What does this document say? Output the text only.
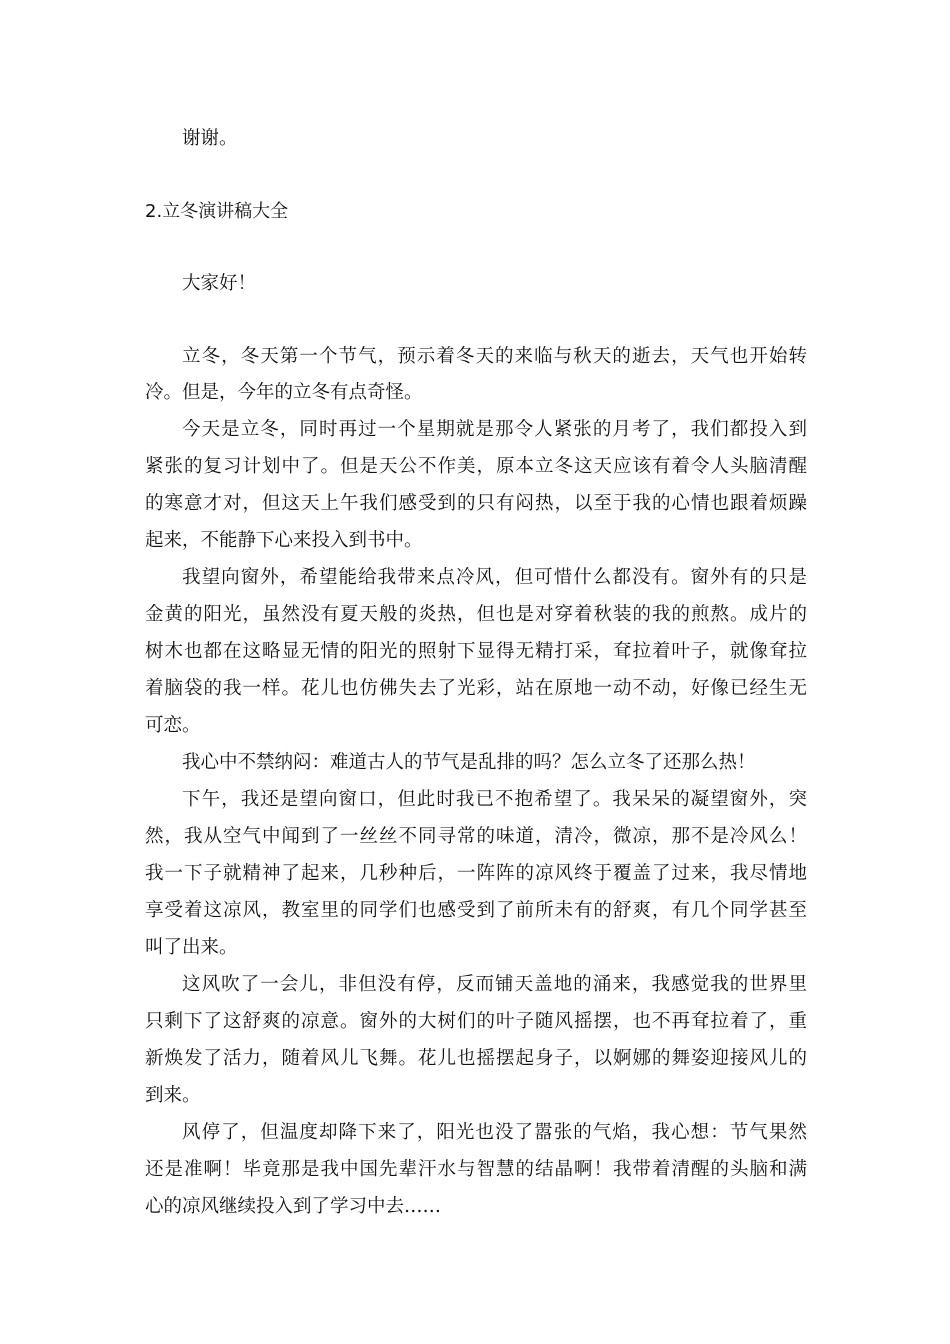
谢谢。
2.立冬演讲稿大全
大家好！
立冬，冬天第一个节气，预示着冬天的来临与秋天的逝去，天气也开始转
冷。但是，今年的立冬有点奇怪。
今天是立冬，同时再过一个星期就是那令人紧张的月考了，我们都投入到
紧张的复习计划中了。但是天公不作美，原本立冬这天应该有着令人头脑清醒
的寒意才对，但这天上午我们感受到的只有闷热，以至于我的心情也跟着烦躁
起来，不能静下心来投入到书中。
我望向窗外，希望能给我带来点冷风，但可惜什么都没有。窗外有的只是
金黄的阳光，虽然没有夏天般的炎热，但也是对穿着秋装的我的煎熬。成片的
树木也都在这略显无情的阳光的照射下显得无精打采，耷拉着叶子，就像耷拉
着脑袋的我一样。花儿也仿佛失去了光彩，站在原地一动不动，好像已经生无
可恋。
我心中不禁纳闷：难道古人的节气是乱排的吗？怎么立冬了还那么热！
下午，我还是望向窗口，但此时我已不抱希望了。我呆呆的凝望窗外，突
然，我从空气中闻到了一丝丝不同寻常的味道，清冷，微凉，那不是冷风么！
我一下子就精神了起来，几秒种后，一阵阵的凉风终于覆盖了过来，我尽情地
享受着这凉风，教室里的同学们也感受到了前所未有的舒爽，有几个同学甚至
叫了出来。
这风吹了一会儿，非但没有停，反而铺天盖地的涌来，我感觉我的世界里
只剩下了这舒爽的凉意。窗外的大树们的叶子随风摇摆，也不再耷拉着了，重
新焕发了活力，随着风儿飞舞。花儿也摇摆起身子，以婀娜的舞姿迎接风儿的
到来。
风停了，但温度却降下来了，阳光也没了嚣张的气焰，我心想：节气果然
还是准啊！毕竟那是我中国先辈汗水与智慧的结晶啊！我带着清醒的头脑和满
心的凉风继续投入到了学习中去……
